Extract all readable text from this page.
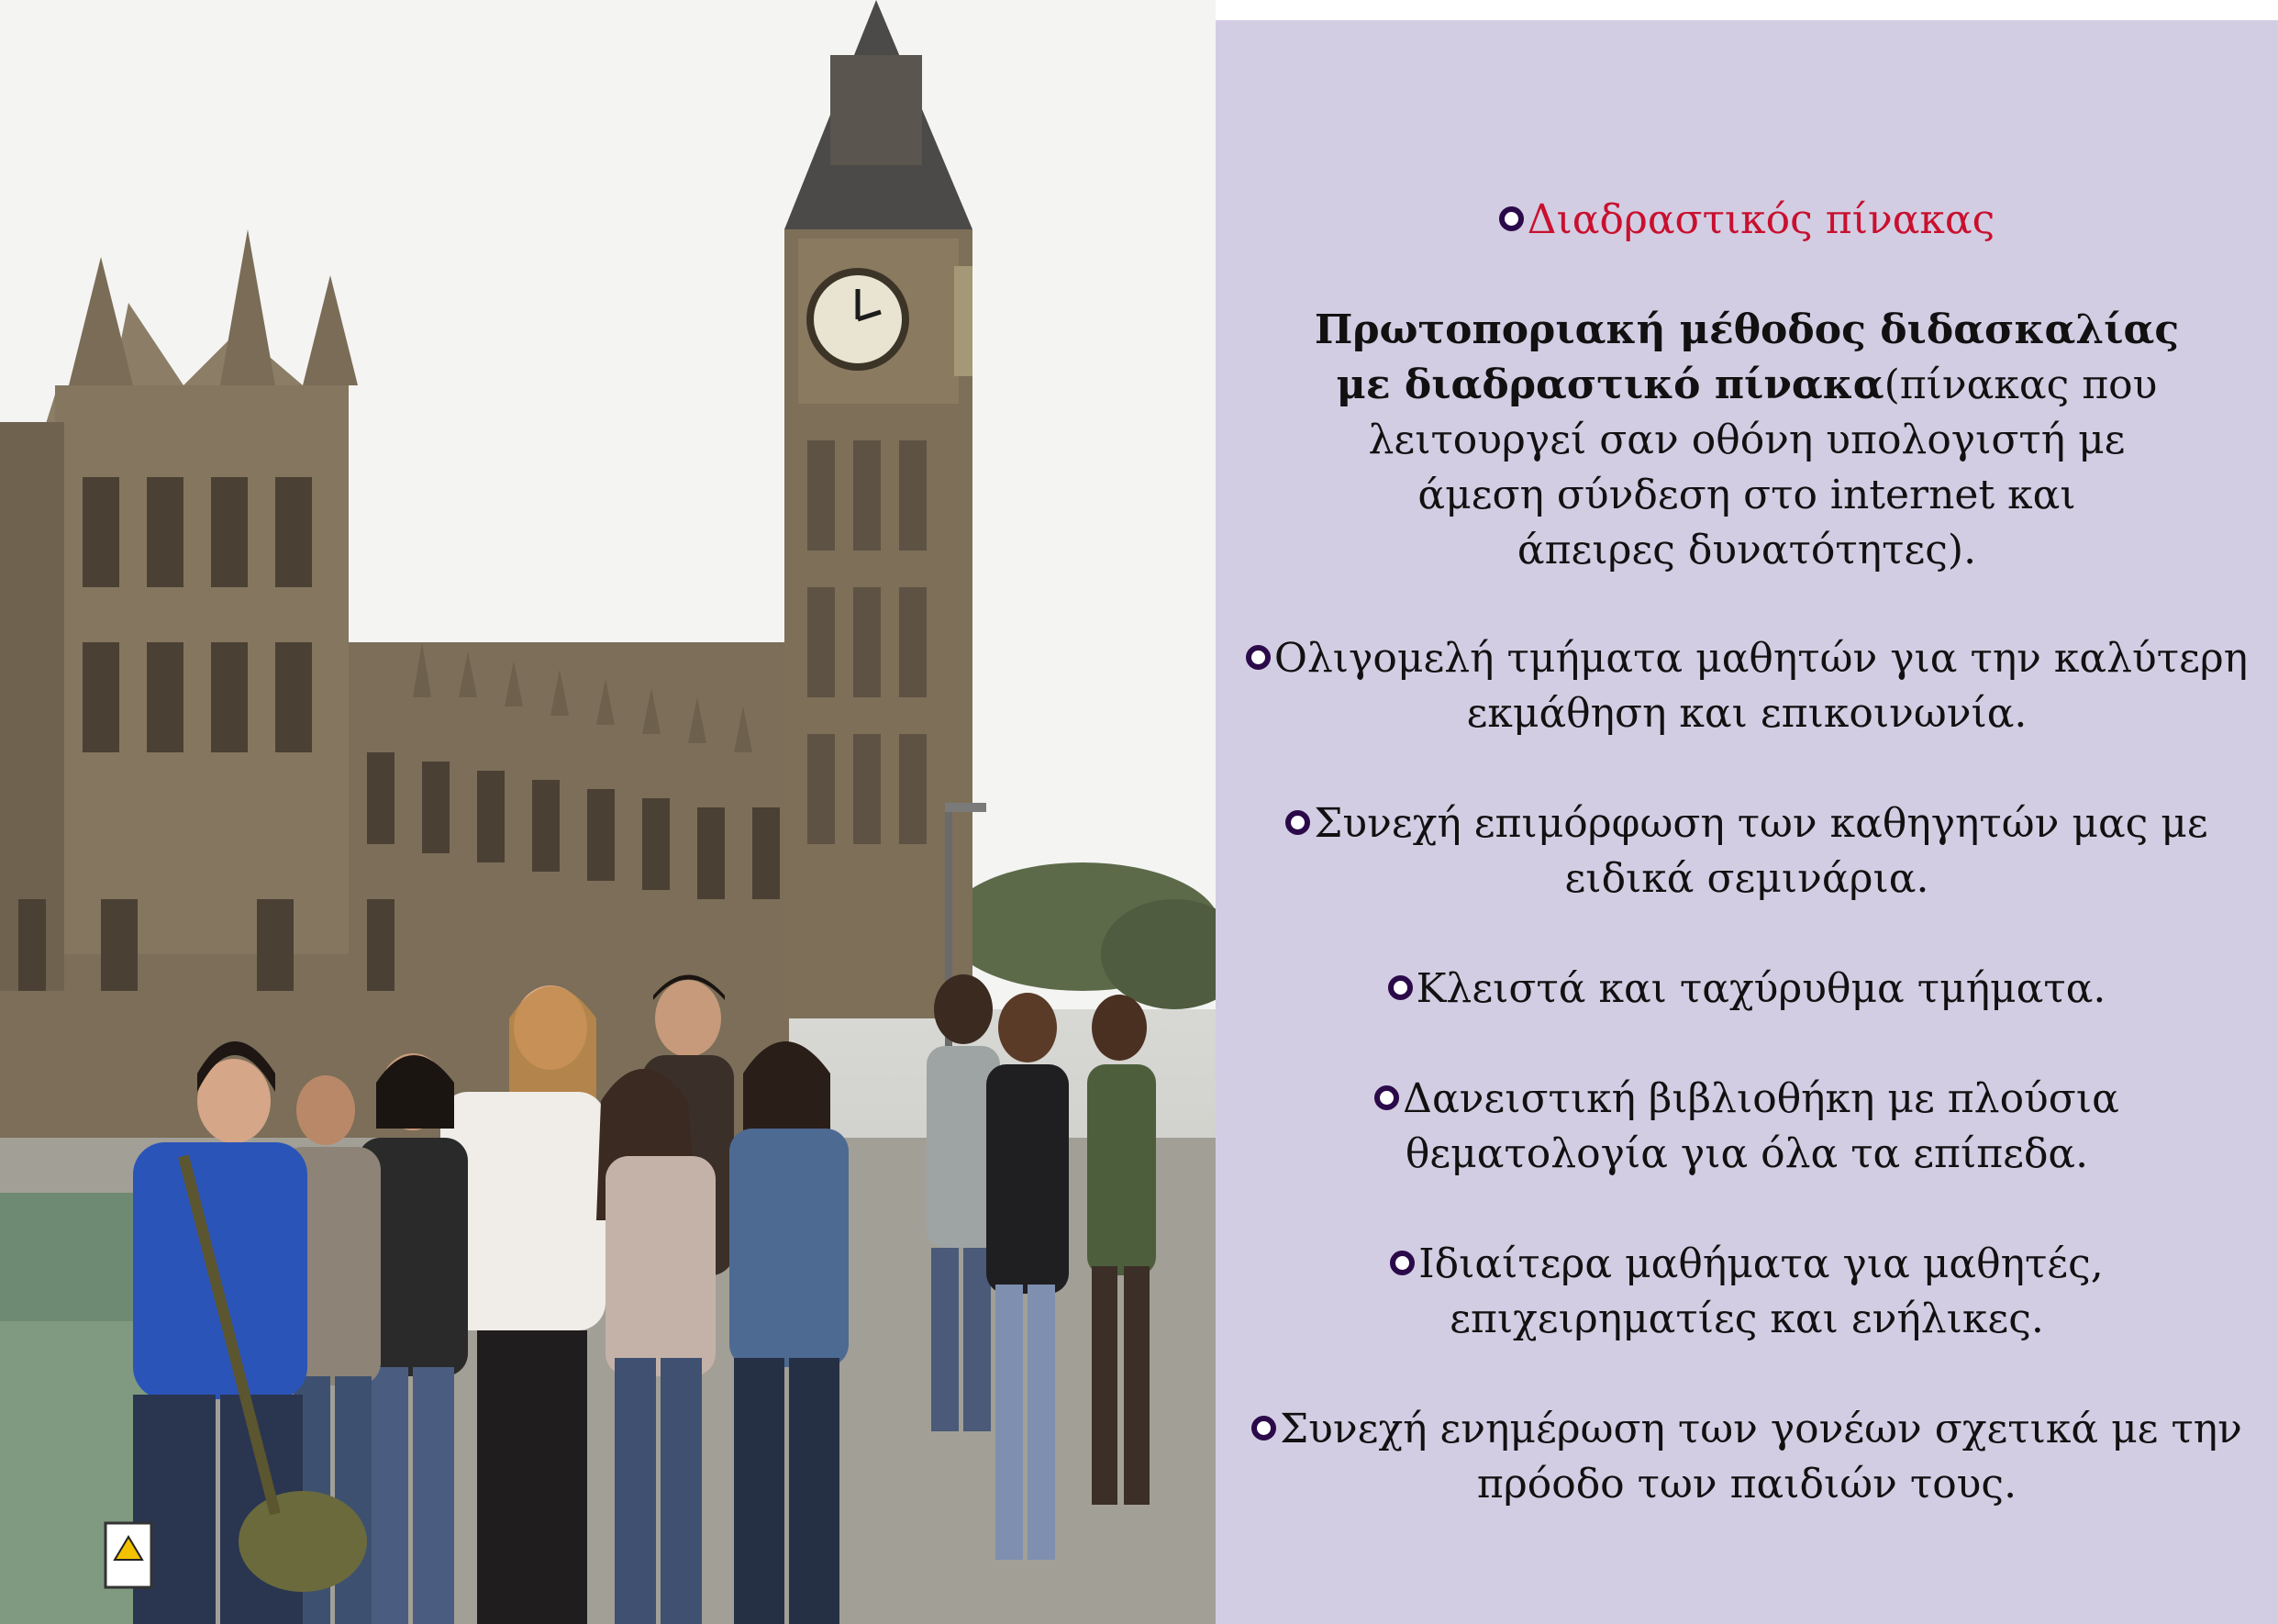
Διαδραστικός πίνακας
Πρωτοποριακή μέθοδος διδασκαλίας
με διαδραστικό πίνακα(πίνακας που
λειτουργεί σαν οθόνη υπολογιστή με
άμεση σύνδεση στο internet και
άπειρες δυνατότητες).
Ολιγομελή τμήματα μαθητών για την καλύτερη
εκμάθηση και επικοινωνία.
Συνεχή επιμόρφωση των καθηγητών μας με
ειδικά σεμινάρια.
Κλειστά και ταχύρυθμα τμήματα.
Δανειστική βιβλιοθήκη με πλούσια
θεματολογία για όλα τα επίπεδα.
Ιδιαίτερα μαθήματα για μαθητές,
επιχειρηματίες και ενήλικες.
Συνεχή ενημέρωση των γονέων σχετικά με την
πρόοδο των παιδιών τους.
